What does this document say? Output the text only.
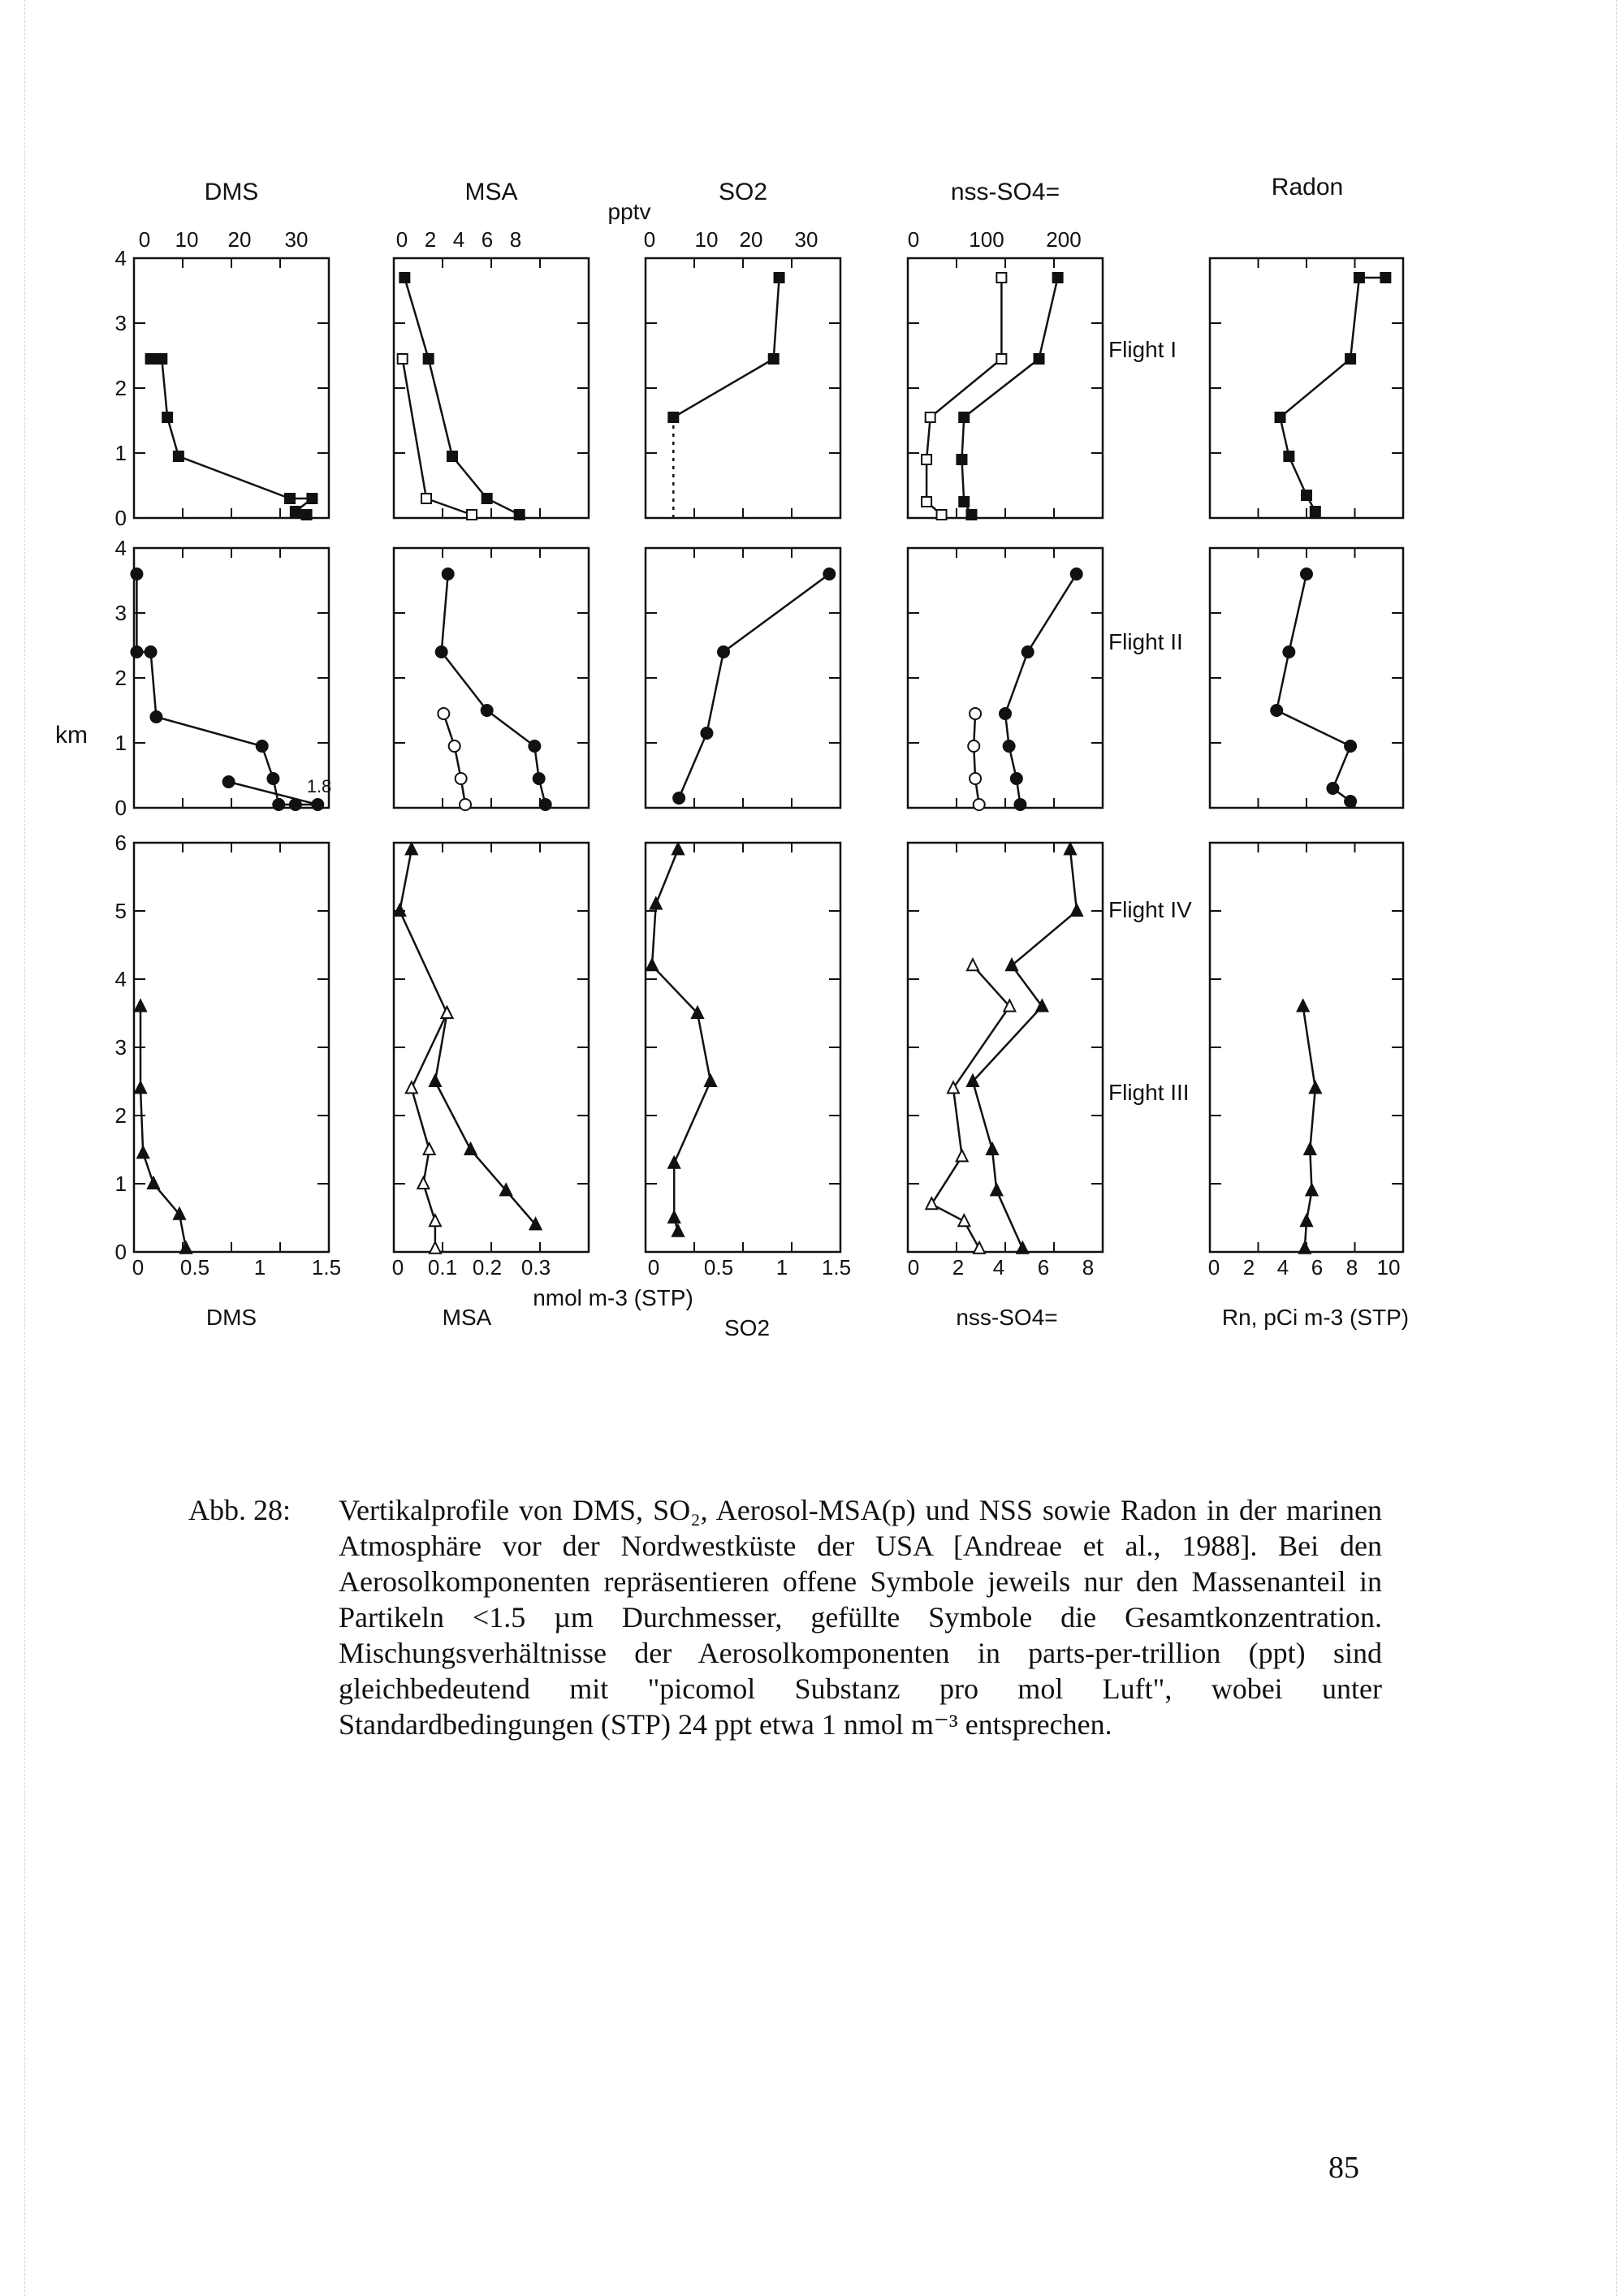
DMS	MSA	SO2	nss-SO4=	Radon
pptv
0 10 20 30	0 2 4 6 8	0 10 20 30	0 100 200
0 0.5 1 1.5 0 0.1 0.2 0.3	0 0.5 1 1.5	0 2 4 6 8	0 2 4 6 8 10
DMS	MSA	SO2	nss-SO4=	Rn, pCi m-3 (STP)
nmol m-3 (STP)
0
1
2
3
4
0
1
2
3
4
0
1
2
3
4
5
6
km
Flight I
Flight II
Flight IV
Flight III
1.8
Abb. 28:	Vertikalprofile von DMS, SO₂, Aerosol-MSA(p) und NSS sowie Radon in der marinen Atmosphäre vor der Nordwestküste der USA [Andreae et al., 1988]. Bei den Aerosolkomponenten repräsentieren offene Symbole jeweils nur den Massenanteil in Partikeln <1.5 µm Durchmesser, gefüllte Symbole die Gesamtkonzentration. Mischungsverhältnisse der Aerosolkomponenten in parts-per-trillion (ppt) sind gleichbedeutend mit "picomol Substanz pro mol Luft", wobei unter Standardbedingungen (STP) 24 ppt etwa 1 nmol m⁻³ entsprechen.
85
